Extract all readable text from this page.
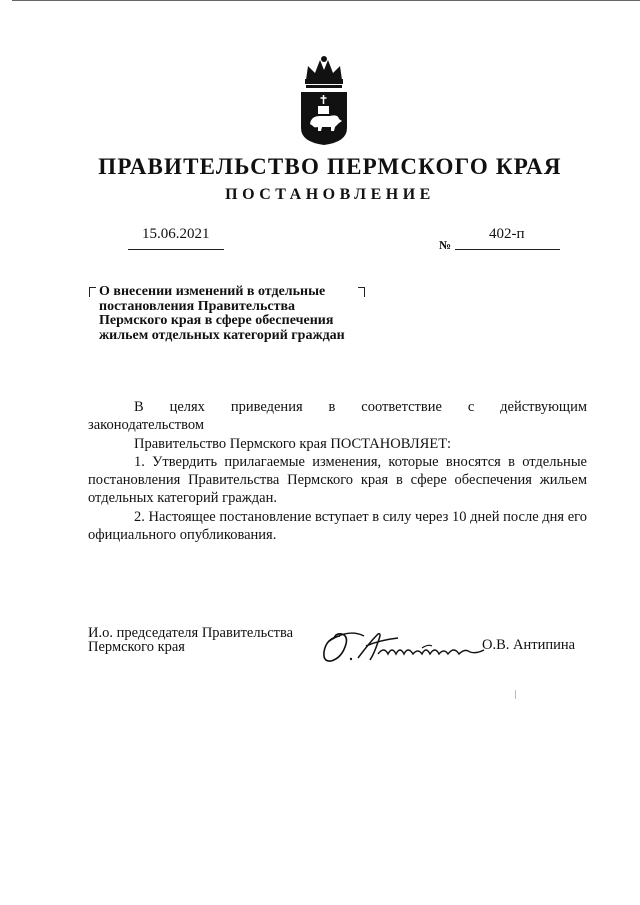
ПРАВИТЕЛЬСТВО ПЕРМСКОГО КРАЯ
ПОСТАНОВЛЕНИЕ
15.06.2021
№
402-п
О внесении изменений в отдельные
постановления Правительства
Пермского края в сфере обеспечения
жильем отдельных категорий граждан

В целях приведения в соответствие с действующим

законодательством

Правительство Пермского края ПОСТАНОВЛЯЕТ:

1. Утвердить прилагаемые изменения, которые вносятся в отдельные постановления Правительства Пермского края в сфере обеспечения жильем отдельных категорий граждан.

2. Настоящее постановление вступает в силу через 10 дней после дня его официального опубликования.

И.о. председателя Правительства
Пермского края	О.В. Антипина
